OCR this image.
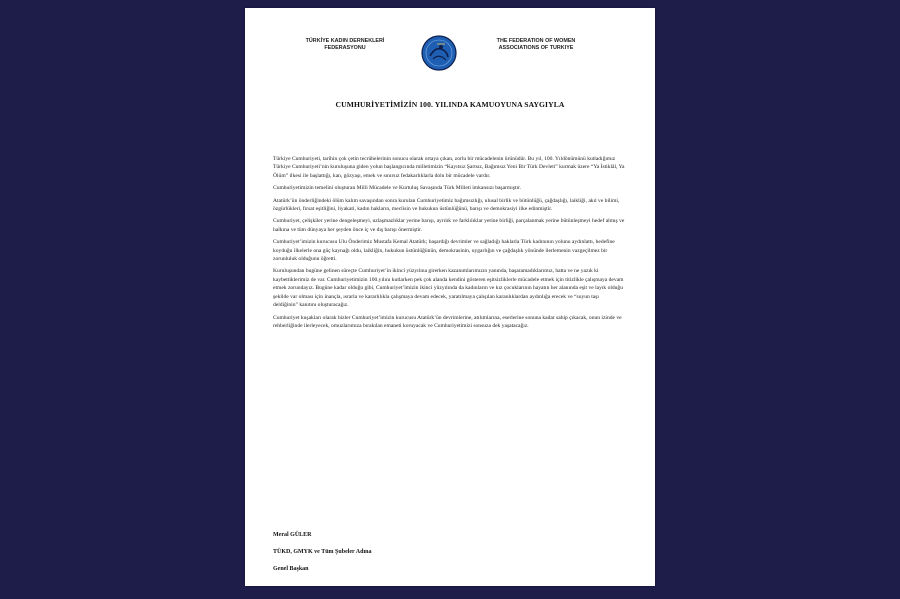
TÜRKİYE KADIN DERNEKLERİ
FEDERASYONU
THE FEDERATION OF WOMEN
ASSOCIATIONS OF TURKIYE
CUMHURİYETİMİZİN 100. YILINDA KAMUOYUNA SAYGIYLA

Türkiye Cumhuriyeti, tarihin çok çetin tecrübelerinin sonucu olarak ortaya çıkan, zorlu bir mücadelenin ürünüdür. Bu yıl, 100. Yıldönümünü kutladığımız Türkiye Cumhuriyeti’nin kuruluşuna giden yolun başlangıcında milletimizin “Kayıtsız Şartsız, Bağımsız Yeni Bir Türk Devleti” kurmak üzere “Ya İstiklâl, Ya Ölüm” ilkesi ile başlattığı, kan, gözyaşı, emek ve sınırsız fedakarlıklarla dolu bir mücadele vardır.

Cumhuriyetimizin temelini oluşturan Milli Mücadele ve Kurtuluş Savaşında Türk Milleti imkansızı başarmıştır.

Atatürk’ün önderliğindeki ölüm kalım savaşından sonra kurulan Cumhuriyetimiz bağımsızlığı, ulusal birlik ve bütünlüğü, çağdaşlığı, laikliği, akıl ve bilimi, özgürlükleri, fırsat eşitliğini, liyakati, kadın hakların, meclisin ve hukukun üstünlüğünü, barışı ve demokrasiyi ilke edinmiştir.

Cumhuriyet, çelişkiler yerine dengeleşmeyi, uzlaşmazlıklar yerine barışı, ayrılık ve farklılıklar yerine birliği, parçalanmak yerine bütünleşmeyi hedef almış ve halkına ve tüm dünyaya her şeyden önce iç ve dış barışı önermiştir.

Cumhuriyet’imizin kurucusu Ulu Önderimiz Mustafa Kemal Atatürk; başardığı devrimler ve sağladığı haklarla Türk kadınının yolunu aydınlattı, hedefine koyduğu ilkelerle ona güç kaynağı oldu, laikliğin, hukukun üstünlüğünün, demokrasinin, uygarlığın ve çağdaşlık yönünde ilerlemenin vazgeçilmez bir zorunluluk olduğunu öğretti.

Kuruluşundan bugüne gelinen süreçte Cumhuriyet’in ikinci yüzyılına girerken kazanımlarımızın yanında, başaramadıklarımız, hatta ve ne yazık ki kaybettiklerimiz de var. Cumhuriyetimizin 100.yılını kutlarken pek çok alanda kendini gösteren eşitsizliklerle mücadele etmek için titizlikle çalışmaya devam etmek zorundayız. Bugüne kadar olduğu gibi, Cumhuriyet’imizin ikinci yüzyılında da kadınların ve kız çocuklarının hayatın her alanında eşit ve layık olduğu şekilde var olması için inançla, ısrarla ve kararlılıkla çalışmaya devam edecek, yaratılmaya çalışılan karanlıklardan aydınlığa erecek ve “suyun taşı deldiğinin” kanıtını oluşturacağız.

Cumhuriyet kuşakları olarak bizler Cumhuriyet’imizin kurucusu Atatürk’ün devrimlerine, atılımlarına, eserlerine sonuna kadar sahip çıkacak, onun izinde ve rehberliğinde ilerleyecek, omuzlarımıza bırakılan emaneti koruyacak ve Cumhuriyetimizi sonsuza dek yaşatacağız.

Meral GÜLER
TÜKD, GMYK ve Tüm Şubeler Adına
Genel Başkan
